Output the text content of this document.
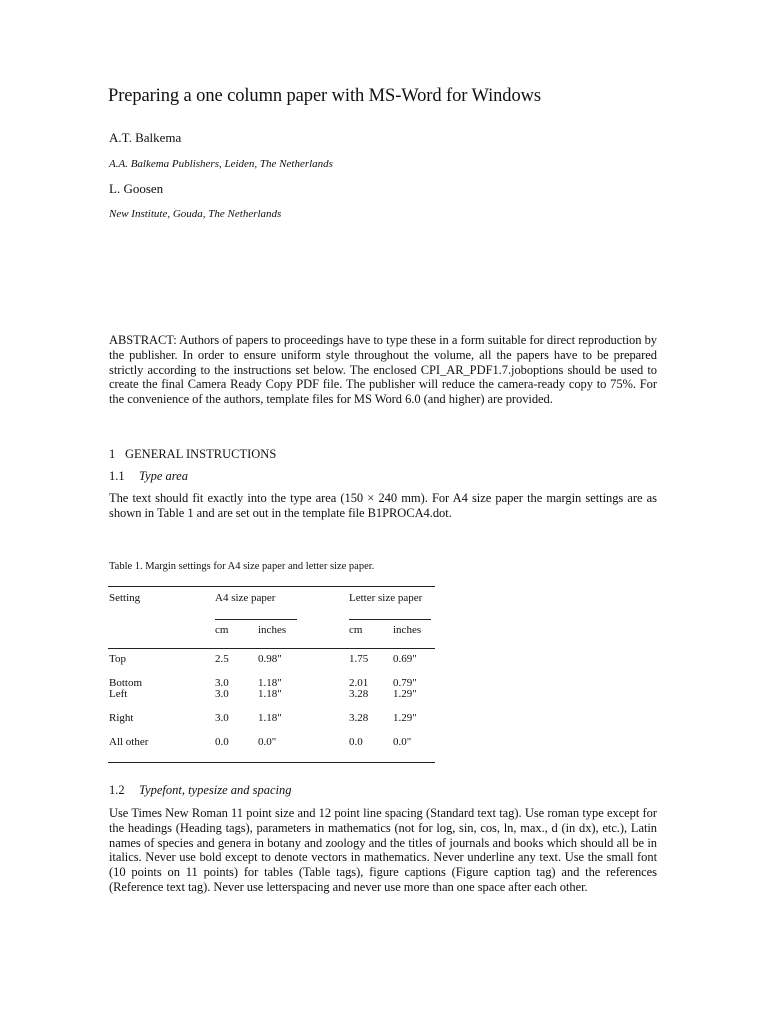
Preparing a one column paper with MS-Word for Windows
A.T. Balkema
A.A. Balkema Publishers, Leiden, The Netherlands
L. Goosen
New Institute, Gouda, The Netherlands
ABSTRACT: Authors of papers to proceedings have to type these in a form suitable for direct reproduction by the publisher. In order to ensure uniform style throughout the volume, all the papers have to be prepared strictly according to the instructions set below. The enclosed CPI_AR_PDF1.7.joboptions should be used to create the final Camera Ready Copy PDF file. The publisher will reduce the camera-ready copy to 75%. For the convenience of the authors, template files for MS Word 6.0 (and higher) are provided.
1 GENERAL INSTRUCTIONS
1.1 Type area
The text should fit exactly into the type area (150 × 240 mm). For A4 size paper the margin settings are as shown in Table 1 and are set out in the template file B1PROCA4.dot.
Table 1. Margin settings for A4 size paper and letter size paper.
Setting	A4 size paper	Letter size paper
cm	inches	cm	inches
Top	2.5	0.98"	1.75 0.69"
Bottom	3.0	1.18"	2.01 0.79"
Left	3.0	1.18"	3.28 1.29"
Right	3.0	1.18"	3.28 1.29"
All other	0.0	0.0"	0.0	0.0"
1.2 Typefont, typesize and spacing
Use Times New Roman 11 point size and 12 point line spacing (Standard text tag). Use roman type except for the headings (Heading tags), parameters in mathematics (not for log, sin, cos, ln, max., d (in dx), etc.), Latin names of species and genera in botany and zoology and the titles of journals and books which should all be in italics. Never use bold except to denote vectors in mathematics. Never underline any text. Use the small font (10 points on 11 points) for tables (Table tags), figure captions (Figure caption tag) and the references (Reference text tag). Never use letterspacing and never use more than one space after each other.
